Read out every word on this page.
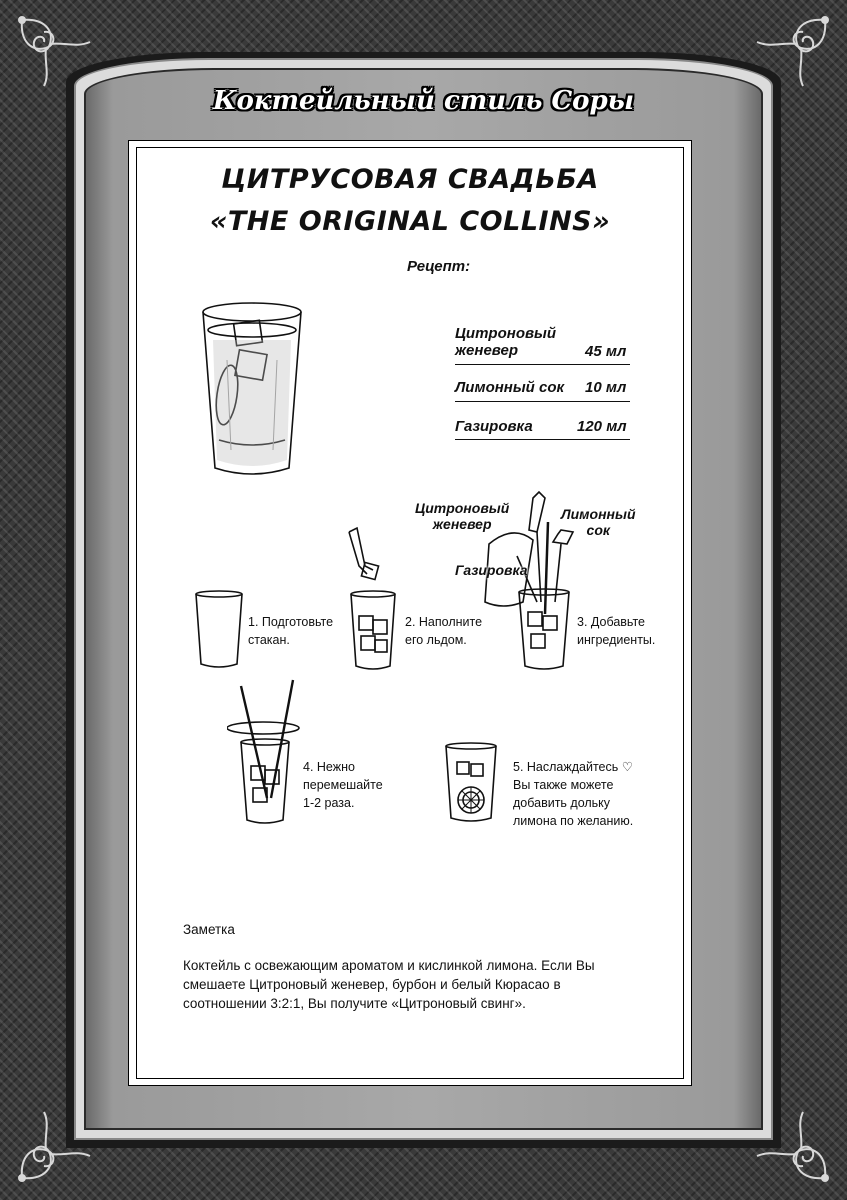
Коктейльный стиль Соры
ЦИТРУСОВАЯ СВАДЬБА
«THE ORIGINAL COLLINS»
Рецепт:
Цитроновый
женевер	45 мл
Лимонный сок 10 мл
Газировка	120 мл
1. Подготовьте
стакан.
2. Наполните
его льдом.
Цитроновый
женевер
Лимонный
сок
Газировка
3. Добавьте
ингредиенты.
4. Нежно
перемешайте
1-2 раза.
5. Наслаждайтесь ♡
Вы также можете
добавить дольку
лимона по желанию.
Заметка
Коктейль с освежающим ароматом и кислинкой лимона. Если Вы
смешаете Цитроновый женевер, бурбон и белый Кюрасао в
соотношении 3:2:1, Вы получите «Цитроновый свинг».
